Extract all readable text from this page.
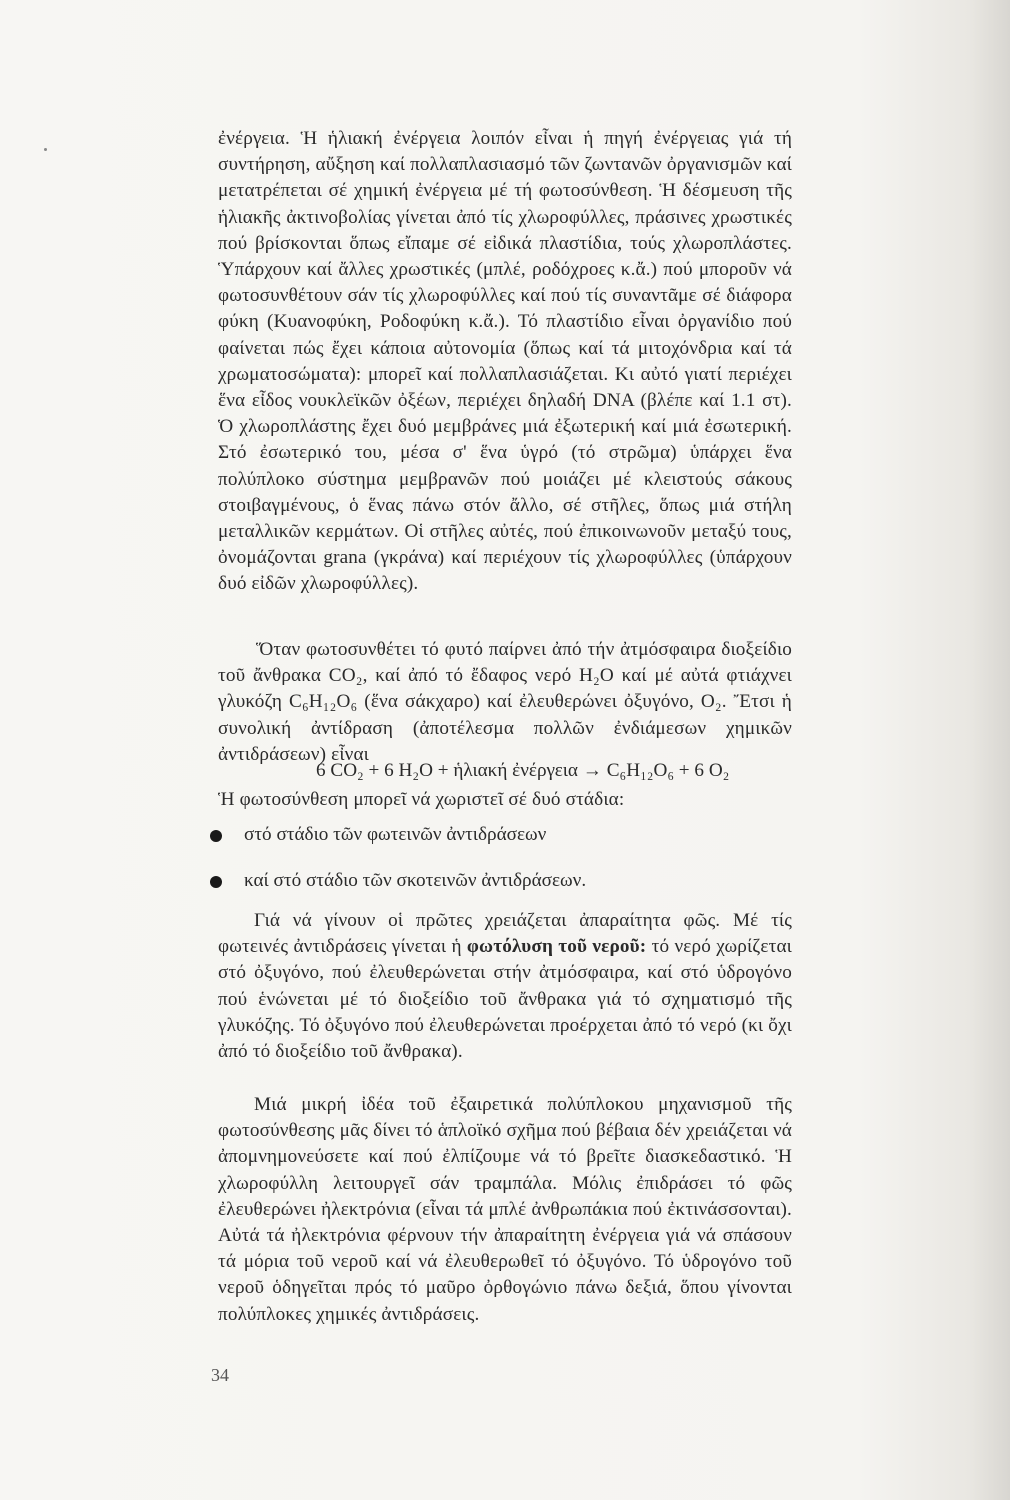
ἐνέργεια. Ἡ ἡλιακή ἐνέργεια λοιπόν εἶναι ἡ πηγή ἐνέργειας γιά τή συντήρηση, αὔξηση καί πολλαπλασιασμό τῶν ζωντανῶν ὀργανισμῶν καί μετατρέπεται σέ χημική ἐνέργεια μέ τή φωτοσύνθεση. Ἡ δέσμευση τῆς ἡλιακῆς ἀκτινοβολίας γίνεται ἀπό τίς χλωροφύλλες, πράσινες χρωστικές πού βρίσκονται ὅπως εἴπαμε σέ εἰδικά πλαστίδια, τούς χλωροπλάστες. Ὑπάρχουν καί ἄλλες χρωστικές (μπλέ, ροδόχροες κ.ἄ.) πού μποροῦν νά φωτοσυνθέτουν σάν τίς χλωροφύλλες καί πού τίς συναντᾶμε σέ διάφορα φύκη (Κυανοφύκη, Ροδοφύκη κ.ἄ.). Τό πλαστίδιο εἶναι ὀργανίδιο πού φαίνεται πώς ἔχει κάποια αὐτονομία (ὅπως καί τά μιτοχόνδρια καί τά χρωματοσώματα): μπορεῖ καί πολλαπλασιάζεται. Κι αὐτό γιατί περιέχει ἕνα εἶδος νουκλεϊκῶν ὀξέων, περιέχει δηλαδή DNA (βλέπε καί 1.1 στ). Ὁ χλωροπλάστης ἔχει δυό μεμβράνες μιά ἐξωτερική καί μιά ἐσωτερική. Στό ἐσωτερικό του, μέσα σ' ἕνα ὑγρό (τό στρῶμα) ὑπάρχει ἕνα πολύπλοκο σύστημα μεμβρανῶν πού μοιάζει μέ κλειστούς σάκους στοιβαγμένους, ὁ ἕνας πάνω στόν ἄλλο, σέ στῆλες, ὅπως μιά στήλη μεταλλικῶν κερμάτων. Οἱ στῆλες αὐτές, πού ἐπικοινωνοῦν μεταξύ τους, ὀνομάζονται grana (γκράνα) καί περιέχουν τίς χλωροφύλλες (ὑπάρχουν δυό εἰδῶν χλωροφύλλες).
Ὅταν φωτοσυνθέτει τό φυτό παίρνει ἀπό τήν ἀτμόσφαιρα διοξείδιο τοῦ ἄνθρακα CO₂, καί ἀπό τό ἔδαφος νερό H₂O καί μέ αὐτά φτιάχνει γλυκόζη C₆H₁₂O₆ (ἕνα σάκχαρο) καί ἐλευθερώνει ὀξυγόνο, O₂. Ἔτσι ἡ συνολική ἀντίδραση (ἀποτέλεσμα πολλῶν ἐνδιάμεσων χημικῶν ἀντιδράσεων) εἶναι
6 CO₂ + 6 H₂O + ἡλιακή ἐνέργεια → C₆H₁₂O₆ + 6 O₂
Ἡ φωτοσύνθεση μπορεῖ νά χωριστεῖ σέ δυό στάδια:
στό στάδιο τῶν φωτεινῶν ἀντιδράσεων
καί στό στάδιο τῶν σκοτεινῶν ἀντιδράσεων.
Γιά νά γίνουν οἱ πρῶτες χρειάζεται ἀπαραίτητα φῶς. Μέ τίς φωτεινές ἀντιδράσεις γίνεται ἡ φωτόλυση τοῦ νεροῦ: τό νερό χωρίζεται στό ὀξυγόνο, πού ἐλευθερώνεται στήν ἀτμόσφαιρα, καί στό ὑδρογόνο πού ἑνώνεται μέ τό διοξείδιο τοῦ ἄνθρακα γιά τό σχηματισμό τῆς γλυκόζης. Τό ὀξυγόνο πού ἐλευθερώνεται προέρχεται ἀπό τό νερό (κι ὄχι ἀπό τό διοξείδιο τοῦ ἄνθρακα).
Μιά μικρή ἰδέα τοῦ ἐξαιρετικά πολύπλοκου μηχανισμοῦ τῆς φωτοσύνθεσης μᾶς δίνει τό ἁπλοϊκό σχῆμα πού βέβαια δέν χρειάζεται νά ἀπομνημονεύσετε καί πού ἐλπίζουμε νά τό βρεῖτε διασκεδαστικό. Ἡ χλωροφύλλη λειτουργεῖ σάν τραμπάλα. Μόλις ἐπιδράσει τό φῶς ἐλευθερώνει ἠλεκτρόνια (εἶναι τά μπλέ ἀνθρωπάκια πού ἐκτινάσσονται). Αὐτά τά ἠλεκτρόνια φέρνουν τήν ἀπαραίτητη ἐνέργεια γιά νά σπάσουν τά μόρια τοῦ νεροῦ καί νά ἐλευθερωθεῖ τό ὀξυγόνο. Τό ὑδρογόνο τοῦ νεροῦ ὁδηγεῖται πρός τό μαῦρο ὀρθογώνιο πάνω δεξιά, ὅπου γίνονται πολύπλοκες χημικές ἀντιδράσεις.
34
